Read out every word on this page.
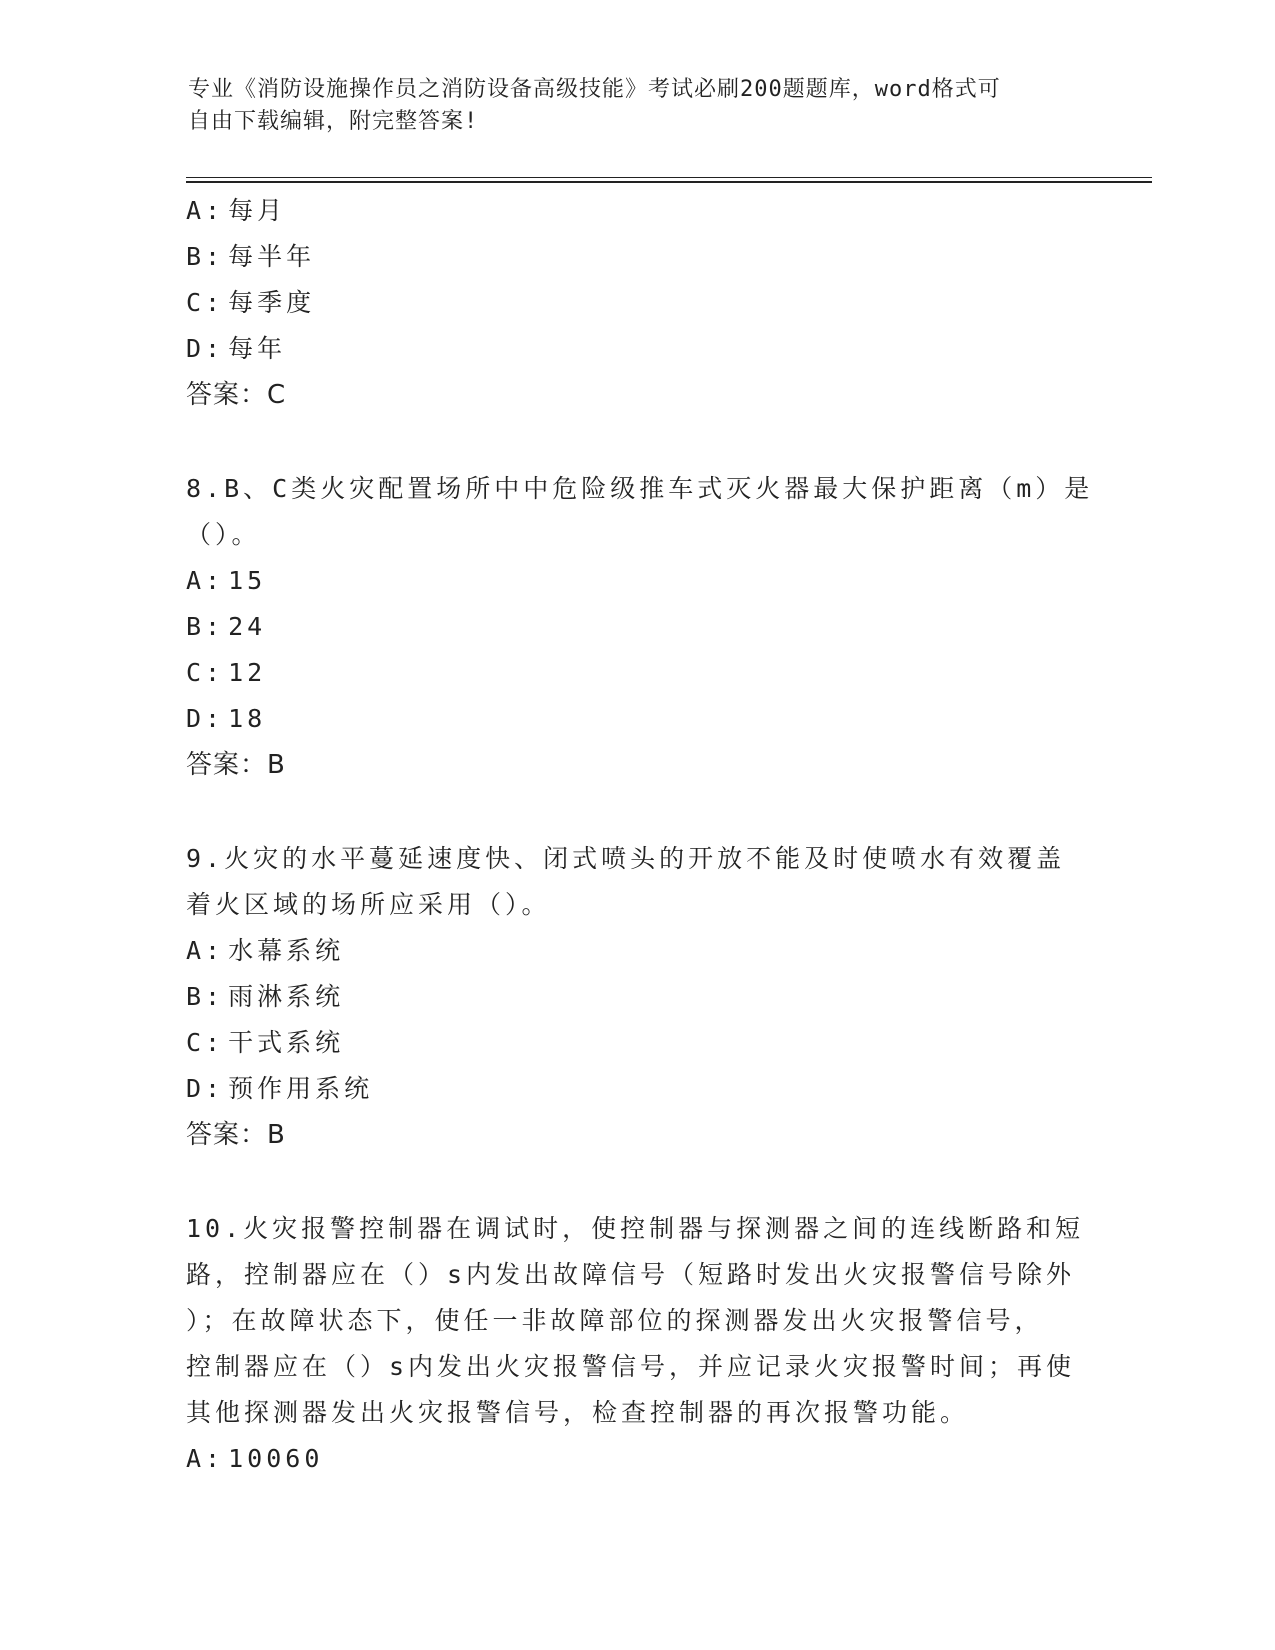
专业《消防设施操作员之消防设备高级技能》考试必刷200题题库，word格式可
自由下载编辑，附完整答案!
A: 每月
B: 每半年
C: 每季度
D: 每年
答案：C
8.B、C类火灾配置场所中中危险级推车式灭火器最大保护距离（m）是
（）。
A: 15
B: 24
C: 12
D: 18
答案：B
9.火灾的水平蔓延速度快、闭式喷头的开放不能及时使喷水有效覆盖
着火区域的场所应采用（）。
A: 水幕系统
B: 雨淋系统
C: 干式系统
D: 预作用系统
答案：B
10.火灾报警控制器在调试时，使控制器与探测器之间的连线断路和短
路，控制器应在（）s内发出故障信号（短路时发出火灾报警信号除外
）；在故障状态下，使任一非故障部位的探测器发出火灾报警信号，
控制器应在（）s内发出火灾报警信号，并应记录火灾报警时间；再使
其他探测器发出火灾报警信号，检查控制器的再次报警功能。
A: 10060
